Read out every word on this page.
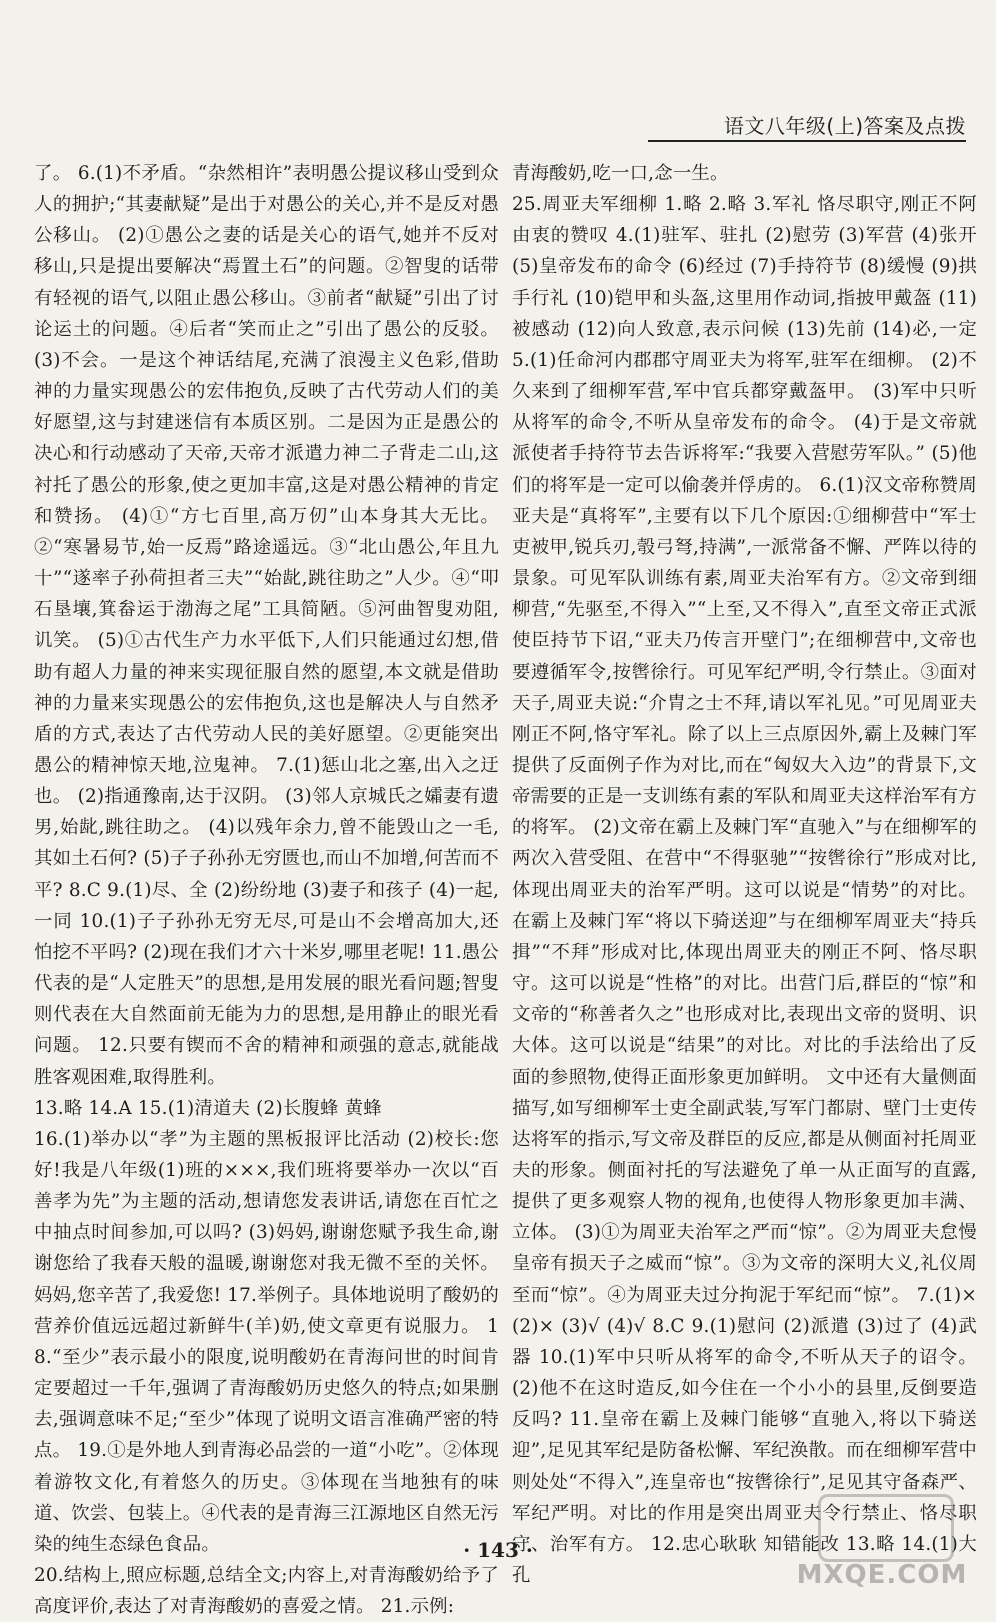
语文八年级(上)答案及点拨

了。 6.(1)不矛盾。“杂然相许”表明愚公提议移山受到众人的拥护;“其妻献疑”是出于对愚公的关心,并不是反对愚公移山。 (2)①愚公之妻的话是关心的语气,她并不反对移山,只是提出要解决“焉置土石”的问题。②智叟的话带有轻视的语气,以阻止愚公移山。③前者“献疑”引出了讨论运土的问题。④后者“笑而止之”引出了愚公的反驳。 (3)不会。一是这个神话结尾,充满了浪漫主义色彩,借助神的力量实现愚公的宏伟抱负,反映了古代劳动人们的美好愿望,这与封建迷信有本质区别。二是因为正是愚公的决心和行动感动了天帝,天帝才派遣力神二子背走二山,这衬托了愚公的形象,使之更加丰富,这是对愚公精神的肯定和赞扬。 (4)①“方七百里,高万仞”山本身其大无比。②“寒暑易节,始一反焉”路途遥远。③“北山愚公,年且九十”“遂率子孙荷担者三夫”“始龀,跳往助之”人少。④“叩石垦壤,箕畚运于渤海之尾”工具简陋。⑤河曲智叟劝阻,讥笑。 (5)①古代生产力水平低下,人们只能通过幻想,借助有超人力量的神来实现征服自然的愿望,本文就是借助神的力量来实现愚公的宏伟抱负,这也是解决人与自然矛盾的方式,表达了古代劳动人民的美好愿望。②更能突出愚公的精神惊天地,泣鬼神。 7.(1)惩山北之塞,出入之迂也。 (2)指通豫南,达于汉阴。 (3)邻人京城氏之孀妻有遗男,始龀,跳往助之。 (4)以残年余力,曾不能毁山之一毛,其如土石何? (5)子子孙孙无穷匮也,而山不加增,何苦而不平? 8.C 9.(1)尽、全 (2)纷纷地 (3)妻子和孩子 (4)一起,一同 10.(1)子子孙孙无穷无尽,可是山不会增高加大,还怕挖不平吗? (2)现在我们才六十米岁,哪里老呢! 11.愚公代表的是“人定胜天”的思想,是用发展的眼光看问题;智叟则代表在大自然面前无能为力的思想,是用静止的眼光看问题。 12.只要有锲而不舍的精神和顽强的意志,就能战胜客观困难,取得胜利。

13.略 14.A 15.(1)清道夫 (2)长腹蜂 黄蜂

16.(1)举办以“孝”为主题的黑板报评比活动 (2)校长:您好!我是八年级(1)班的×××,我们班将要举办一次以“百善孝为先”为主题的活动,想请您发表讲话,请您在百忙之中抽点时间参加,可以吗? (3)妈妈,谢谢您赋予我生命,谢谢您给了我春天般的温暖,谢谢您对我无微不至的关怀。妈妈,您辛苦了,我爱您! 17.举例子。具体地说明了酸奶的营养价值远远超过新鲜牛(羊)奶,使文章更有说服力。 18.“至少”表示最小的限度,说明酸奶在青海问世的时间肯定要超过一千年,强调了青海酸奶历史悠久的特点;如果删去,强调意味不足;“至少”体现了说明文语言准确严密的特点。 19.①是外地人到青海必品尝的一道“小吃”。②体现着游牧文化,有着悠久的历史。③体现在当地独有的味道、饮尝、包装上。④代表的是青海三江源地区自然无污染的纯生态绿色食品。

20.结构上,照应标题,总结全文;内容上,对青海酸奶给予了高度评价,表达了对青海酸奶的喜爱之情。 21.示例:

青海酸奶,吃一口,念一生。

25.周亚夫军细柳 1.略 2.略 3.军礼 恪尽职守,刚正不阿 由衷的赞叹 4.(1)驻军、驻扎 (2)慰劳 (3)军营 (4)张开 (5)皇帝发布的命令 (6)经过 (7)手持符节 (8)缓慢 (9)拱手行礼 (10)铠甲和头盔,这里用作动词,指披甲戴盔 (11)被感动 (12)向人致意,表示问候 (13)先前 (14)必,一定 5.(1)任命河内郡郡守周亚夫为将军,驻军在细柳。 (2)不久来到了细柳军营,军中官兵都穿戴盔甲。 (3)军中只听从将军的命令,不听从皇帝发布的命令。 (4)于是文帝就派使者手持符节去告诉将军:“我要入营慰劳军队。” (5)他们的将军是一定可以偷袭并俘虏的。 6.(1)汉文帝称赞周亚夫是“真将军”,主要有以下几个原因:①细柳营中“军士吏被甲,锐兵刃,彀弓弩,持满”,一派常备不懈、严阵以待的景象。可见军队训练有素,周亚夫治军有方。②文帝到细柳营,“先驱至,不得入”“上至,又不得入”,直至文帝正式派使臣持节下诏,“亚夫乃传言开壁门”;在细柳营中,文帝也要遵循军令,按辔徐行。可见军纪严明,令行禁止。③面对天子,周亚夫说:“介胄之士不拜,请以军礼见。”可见周亚夫刚正不阿,恪守军礼。除了以上三点原因外,霸上及棘门军提供了反面例子作为对比,而在“匈奴大入边”的背景下,文帝需要的正是一支训练有素的军队和周亚夫这样治军有方的将军。 (2)文帝在霸上及棘门军“直驰入”与在细柳军的两次入营受阻、在营中“不得驱驰”“按辔徐行”形成对比,体现出周亚夫的治军严明。这可以说是“情势”的对比。在霸上及棘门军“将以下骑送迎”与在细柳军周亚夫“持兵揖”“不拜”形成对比,体现出周亚夫的刚正不阿、恪尽职守。这可以说是“性格”的对比。出营门后,群臣的“惊”和文帝的“称善者久之”也形成对比,表现出文帝的贤明、识大体。这可以说是“结果”的对比。对比的手法给出了反面的参照物,使得正面形象更加鲜明。 文中还有大量侧面描写,如写细柳军士吏全副武装,写军门都尉、壁门士吏传达将军的指示,写文帝及群臣的反应,都是从侧面衬托周亚夫的形象。侧面衬托的写法避免了单一从正面写的直露,提供了更多观察人物的视角,也使得人物形象更加丰满、立体。 (3)①为周亚夫治军之严而“惊”。②为周亚夫怠慢皇帝有损天子之威而“惊”。③为文帝的深明大义,礼仪周至而“惊”。④为周亚夫过分拘泥于军纪而“惊”。 7.(1)× (2)× (3)√ (4)√ 8.C 9.(1)慰问 (2)派遣 (3)过了 (4)武器 10.(1)军中只听从将军的命令,不听从天子的诏令。 (2)他不在这时造反,如今住在一个小小的县里,反倒要造反吗? 11.皇帝在霸上及棘门能够“直驰入,将以下骑送迎”,足见其军纪是防备松懈、军纪涣散。而在细柳军营中则处处“不得入”,连皇帝也“按辔徐行”,足见其守备森严、军纪严明。对比的作用是突出周亚夫令行禁止、恪尽职守、治军有方。 12.忠心耿耿 知错能改 13.略 14.(1)大孔

· 143 ·
MXQE.COM
